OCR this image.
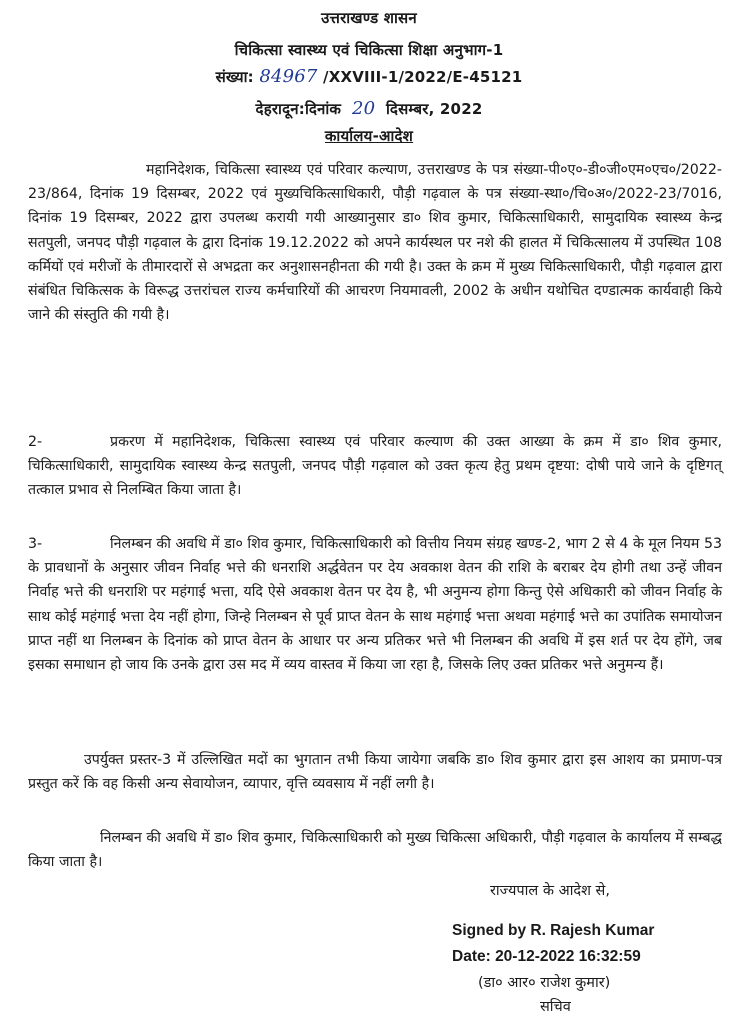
उत्तराखण्ड शासन
चिकित्सा स्वास्थ्य एवं चिकित्सा शिक्षा अनुभाग-1
संख्या: 84967 /XXVIII-1/2022/E-45121
देहरादून:दिनांक 20 दिसम्बर, 2022
कार्यालय-आदेश
महानिदेशक, चिकित्सा स्वास्थ्य एवं परिवार कल्याण, उत्तराखण्ड के पत्र संख्या-पी०ए०-डी०जी०एम०एच०/2022-23/864, दिनांक 19 दिसम्बर, 2022 एवं मुख्यचिकित्साधिकारी, पौड़ी गढ़वाल के पत्र संख्या-स्था०/चि०अ०/2022-23/7016, दिनांक 19 दिसम्बर, 2022 द्वारा उपलब्ध करायी गयी आख्यानुसार डा० शिव कुमार, चिकित्साधिकारी, सामुदायिक स्वास्थ्य केन्द्र सतपुली, जनपद पौड़ी गढ़वाल के द्वारा दिनांक 19.12.2022 को अपने कार्यस्थल पर नशे की हालत में चिकित्सालय में उपस्थित 108 कर्मियों एवं मरीजों के तीमारदारों से अभद्रता कर अनुशासनहीनता की गयी है। उक्त के क्रम में मुख्य चिकित्साधिकारी, पौड़ी गढ़वाल द्वारा संबंधित चिकित्सक के विरूद्ध उत्तरांचल राज्य कर्मचारियों की आचरण नियमावली, 2002 के अधीन यथोचित दण्डात्मक कार्यवाही किये जाने की संस्तुति की गयी है।
2-	प्रकरण में महानिदेशक, चिकित्सा स्वास्थ्य एवं परिवार कल्याण की उक्त आख्या के क्रम में डा० शिव कुमार, चिकित्साधिकारी, सामुदायिक स्वास्थ्य केन्द्र सतपुली, जनपद पौड़ी गढ़वाल को उक्त कृत्य हेतु प्रथम दृष्टया: दोषी पाये जाने के दृष्टिगत् तत्काल प्रभाव से निलम्बित किया जाता है।
3-	निलम्बन की अवधि में डा० शिव कुमार, चिकित्साधिकारी को वित्तीय नियम संग्रह खण्ड-2, भाग 2 से 4 के मूल नियम 53 के प्रावधानों के अनुसार जीवन निर्वाह भत्ते की धनराशि अर्द्धवेतन पर देय अवकाश वेतन की राशि के बराबर देय होगी तथा उन्हें जीवन निर्वाह भत्ते की धनराशि पर महंगाई भत्ता, यदि ऐसे अवकाश वेतन पर देय है, भी अनुमन्य होगा किन्तु ऐसे अधिकारी को जीवन निर्वाह के साथ कोई महंगाई भत्ता देय नहीं होगा, जिन्हे निलम्बन से पूर्व प्राप्त वेतन के साथ महंगाई भत्ता अथवा महंगाई भत्ते का उपांतिक समायोजन प्राप्त नहीं था निलम्बन के दिनांक को प्राप्त वेतन के आधार पर अन्य प्रतिकर भत्ते भी निलम्बन की अवधि में इस शर्त पर देय होंगे, जब इसका समाधान हो जाय कि उनके द्वारा उस मद में व्यय वास्तव में किया जा रहा है, जिसके लिए उक्त प्रतिकर भत्ते अनुमन्य हैं।
उपर्युक्त प्रस्तर-3 में उल्लिखित मदों का भुगतान तभी किया जायेगा जबकि डा० शिव कुमार द्वारा इस आशय का प्रमाण-पत्र प्रस्तुत करें कि वह किसी अन्य सेवायोजन, व्यापार, वृत्ति व्यवसाय में नहीं लगी है।
निलम्बन की अवधि में डा० शिव कुमार, चिकित्साधिकारी को मुख्य चिकित्सा अधिकारी, पौड़ी गढ़वाल के कार्यालय में सम्बद्ध किया जाता है।
राज्यपाल के आदेश से,
Signed by R. Rajesh Kumar
Date: 20-12-2022 16:32:59
(डा० आर० राजेश कुमार)
सचिव
